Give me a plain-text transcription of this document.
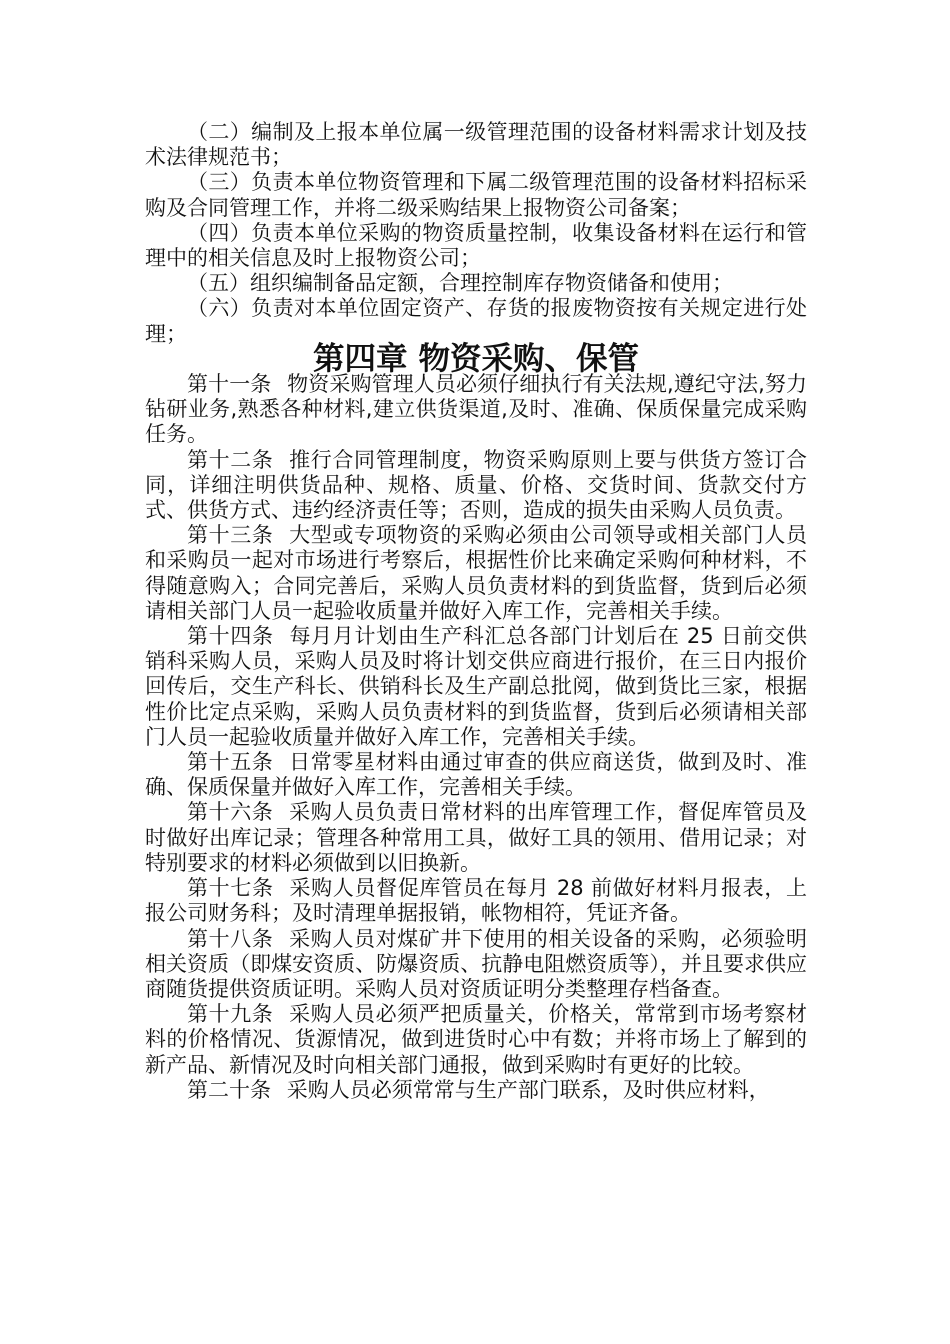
（二）编制及上报本单位属一级管理范围的设备材料需求计划及技术法律规范书；

（三）负责本单位物资管理和下属二级管理范围的设备材料招标采购及合同管理工作，并将二级采购结果上报物资公司备案；

（四）负责本单位采购的物资质量控制，收集设备材料在运行和管理中的相关信息及时上报物资公司；

（五）组织编制备品定额，合理控制库存物资储备和使用；

（六）负责对本单位固定资产、存货的报废物资按有关规定进行处理；

第四章 物资采购、保管

第十一条 物资采购管理人员必须仔细执行有关法规,遵纪守法,努力钻研业务,熟悉各种材料,建立供货渠道,及时、准确、保质保量完成采购任务。

第十二条 推行合同管理制度，物资采购原则上要与供货方签订合同，详细注明供货品种、规格、质量、价格、交货时间、货款交付方式、供货方式、违约经济责任等；否则，造成的损失由采购人员负责。

第十三条 大型或专项物资的采购必须由公司领导或相关部门人员和采购员一起对市场进行考察后，根据性价比来确定采购何种材料，不得随意购入；合同完善后，采购人员负责材料的到货监督，货到后必须请相关部门人员一起验收质量并做好入库工作，完善相关手续。

第十四条 每月月计划由生产科汇总各部门计划后在 25 日前交供销科采购人员，采购人员及时将计划交供应商进行报价，在三日内报价回传后，交生产科长、供销科长及生产副总批阅，做到货比三家，根据性价比定点采购，采购人员负责材料的到货监督，货到后必须请相关部门人员一起验收质量并做好入库工作，完善相关手续。

第十五条 日常零星材料由通过审查的供应商送货，做到及时、准确、保质保量并做好入库工作，完善相关手续。

第十六条 采购人员负责日常材料的出库管理工作，督促库管员及时做好出库记录；管理各种常用工具，做好工具的领用、借用记录；对特别要求的材料必须做到以旧换新。

第十七条 采购人员督促库管员在每月 28 前做好材料月报表，上报公司财务科；及时清理单据报销，帐物相符，凭证齐备。

第十八条 采购人员对煤矿井下使用的相关设备的采购，必须验明相关资质（即煤安资质、防爆资质、抗静电阻燃资质等），并且要求供应商随货提供资质证明。采购人员对资质证明分类整理存档备查。

第十九条 采购人员必须严把质量关，价格关，常常到市场考察材料的价格情况、货源情况，做到进货时心中有数；并将市场上了解到的新产品、新情况及时向相关部门通报，做到采购时有更好的比较。

第二十条 采购人员必须常常与生产部门联系，及时供应材料，
